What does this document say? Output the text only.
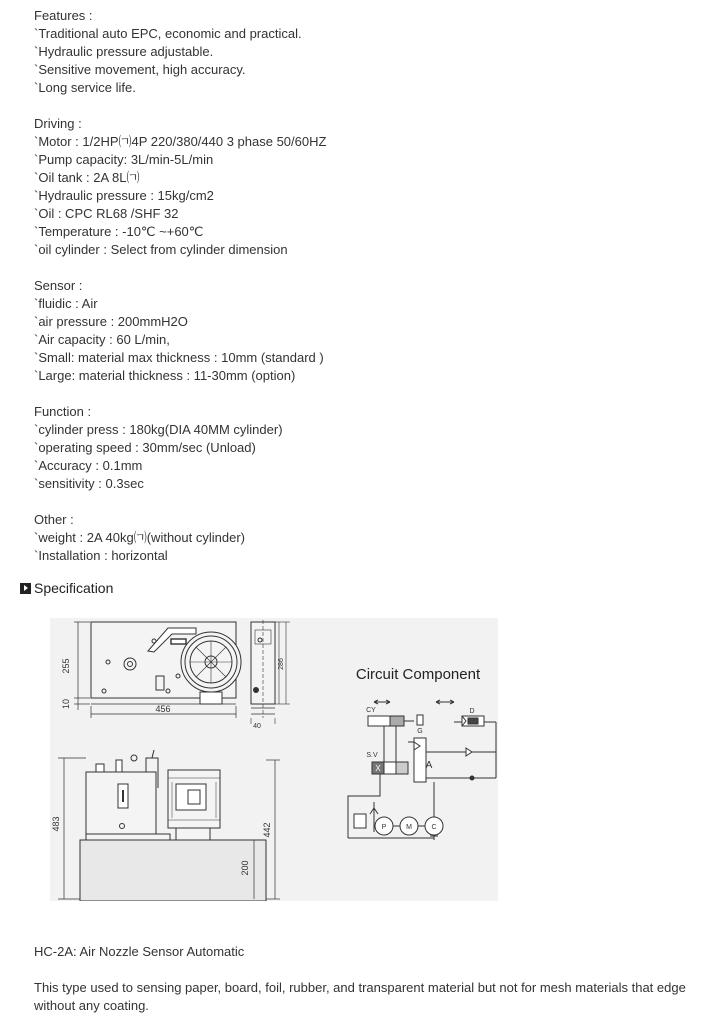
Features :
`Traditional auto EPC, economic and practical.
`Hydraulic pressure adjustable.
`Sensitive movement, high accuracy.
`Long service life.
Driving :
`Motor : 1/2HP㈀4P 220/380/440 3 phase 50/60HZ
`Pump capacity: 3L/min-5L/min
`Oil tank : 2A 8L㈀
`Hydraulic pressure : 15kg/cm2
`Oil : CPC RL68 /SHF 32
`Temperature : -10℃ ~+60℃
`oil cylinder : Select from cylinder dimension
Sensor :
`fluidic : Air
`air pressure : 200mmH2O
`Air capacity : 60 L/min,
`Small: material max thickness : 10mm (standard )
`Large: material thickness : 11-30mm (option)
Function :
`cylinder press : 180kg(DIA 40MM cylinder)
`operating speed : 30mm/sec (Unload)
`Accuracy : 0.1mm
`sensitivity : 0.3sec
Other :
`weight : 2A 40kg㈀(without cylinder)
`Installation : horizontal
Specification
255
10	456
286
40
Circuit Component
483	442
200
CY
G
D
S.V
A
X
P	M	C
HC-2A: Air Nozzle Sensor Automatic
This type used to sensing paper, board, foil, rubber, and transparent material but not for mesh materials that edge without any coating.
